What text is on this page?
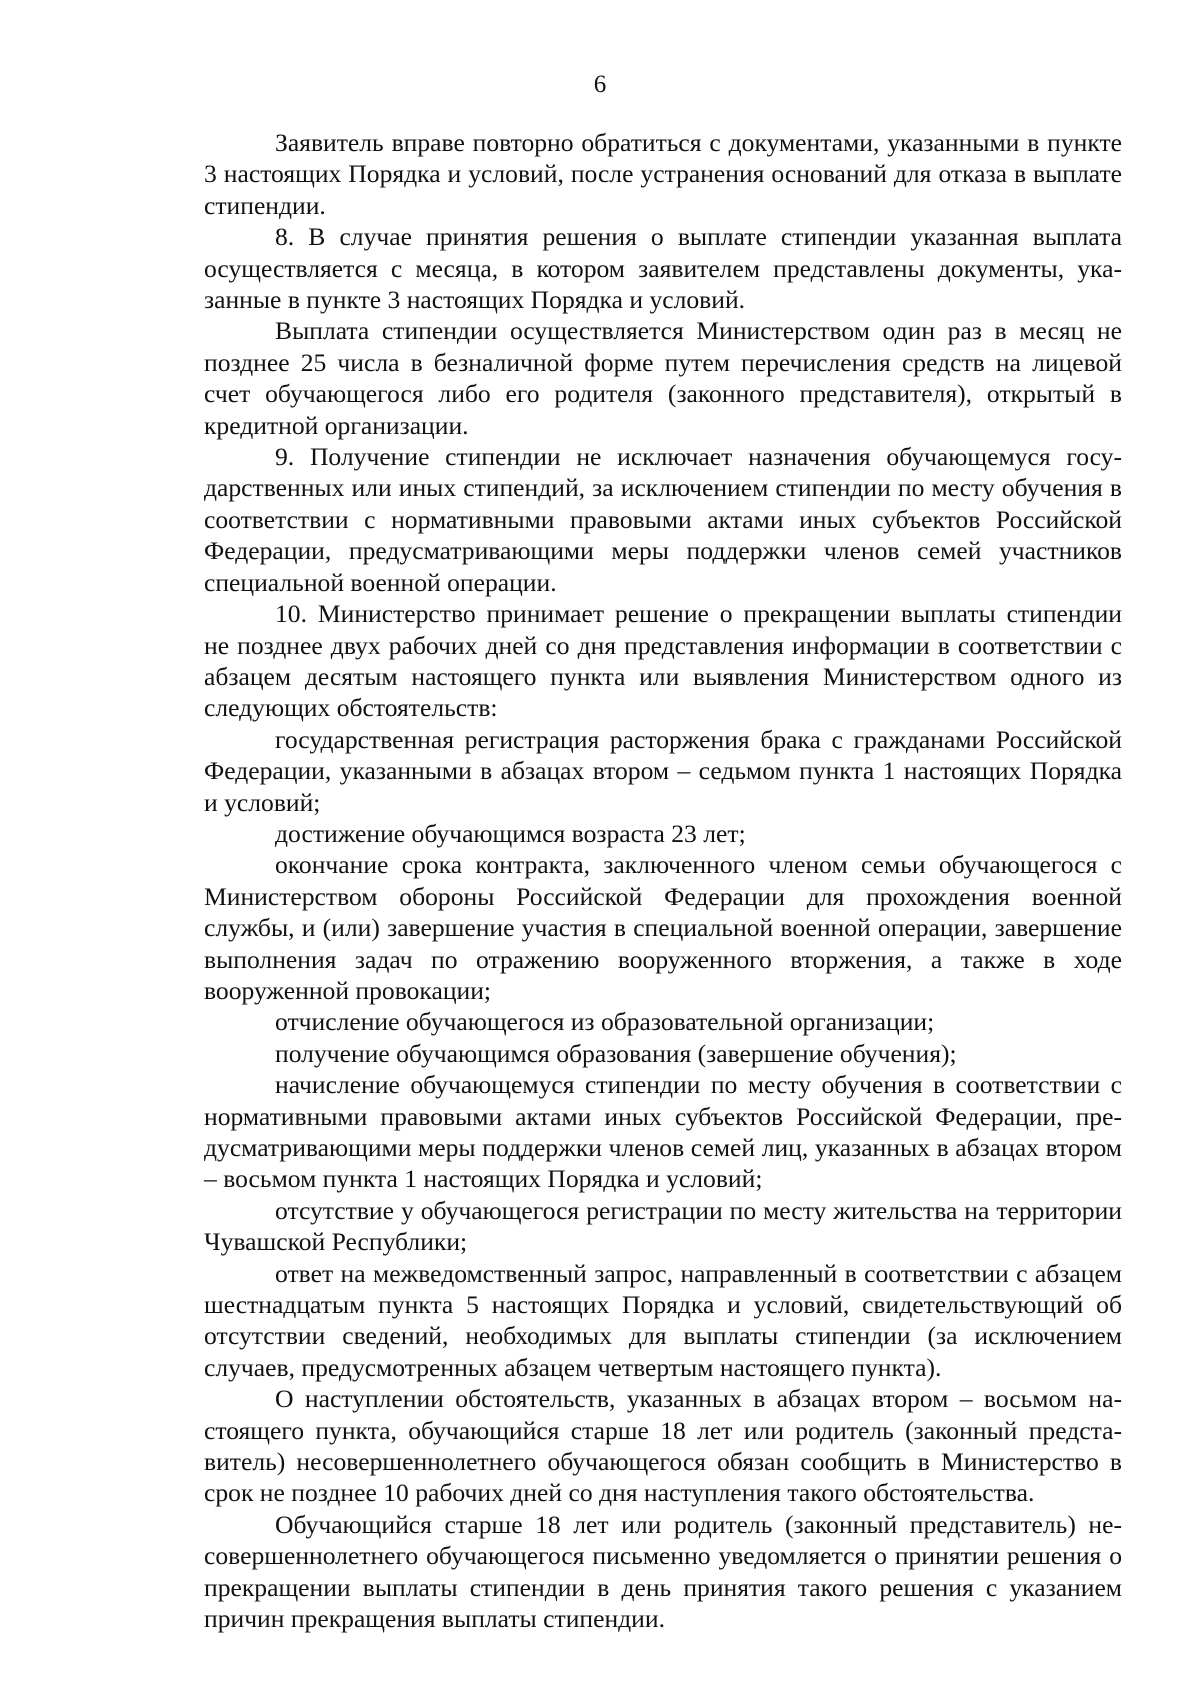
6

Заявитель вправе повторно обратиться с документами, указанными в пункте 3 настоящих Порядка и условий, после устранения оснований для отказа в выплате стипендии.

8. В случае принятия решения о выплате стипендии указанная выплата осуществляется с месяца, в котором заявителем представлены документы, указанные в пункте 3 настоящих Порядка и условий.

Выплата стипендии осуществляется Министерством один раз в месяц не позднее 25 числа в безналичной форме путем перечисления средств на лицевой счет обучающегося либо его родителя (законного представителя), открытый в кредитной организации.

9. Получение стипендии не исключает назначения обучающемуся государственных или иных стипендий, за исключением стипендии по месту обучения в соответствии с нормативными правовыми актами иных субъектов Российской Федерации, предусматривающими меры поддержки членов семей участников специальной военной операции.

10. Министерство принимает решение о прекращении выплаты стипендии не позднее двух рабочих дней со дня представления информации в соответствии с абзацем десятым настоящего пункта или выявления Министерством одного из следующих обстоятельств:

государственная регистрация расторжения брака с гражданами Российской Федерации, указанными в абзацах втором – седьмом пункта 1 настоящих Порядка и условий;

достижение обучающимся возраста 23 лет;

окончание срока контракта, заключенного членом семьи обучающегося с Министерством обороны Российской Федерации для прохождения военной службы, и (или) завершение участия в специальной военной операции, завершение выполнения задач по отражению вооруженного вторжения, а также в ходе вооруженной провокации;

отчисление обучающегося из образовательной организации;

получение обучающимся образования (завершение обучения);

начисление обучающемуся стипендии по месту обучения в соответствии с нормативными правовыми актами иных субъектов Российской Федерации, предусматривающими меры поддержки членов семей лиц, указанных в абзацах втором – восьмом пункта 1 настоящих Порядка и условий;

отсутствие у обучающегося регистрации по месту жительства на территории Чувашской Республики;

ответ на межведомственный запрос, направленный в соответствии с абзацем шестнадцатым пункта 5 настоящих Порядка и условий, свидетельствующий об отсутствии сведений, необходимых для выплаты стипендии (за исключением случаев, предусмотренных абзацем четвертым настоящего пункта).

О наступлении обстоятельств, указанных в абзацах втором – восьмом настоящего пункта, обучающийся старше 18 лет или родитель (законный представитель) несовершеннолетнего обучающегося обязан сообщить в Министерство в срок не позднее 10 рабочих дней со дня наступления такого обстоятельства.

Обучающийся старше 18 лет или родитель (законный представитель) несовершеннолетнего обучающегося письменно уведомляется о принятии решения о прекращении выплаты стипендии в день принятия такого решения с указанием причин прекращения выплаты стипендии.
